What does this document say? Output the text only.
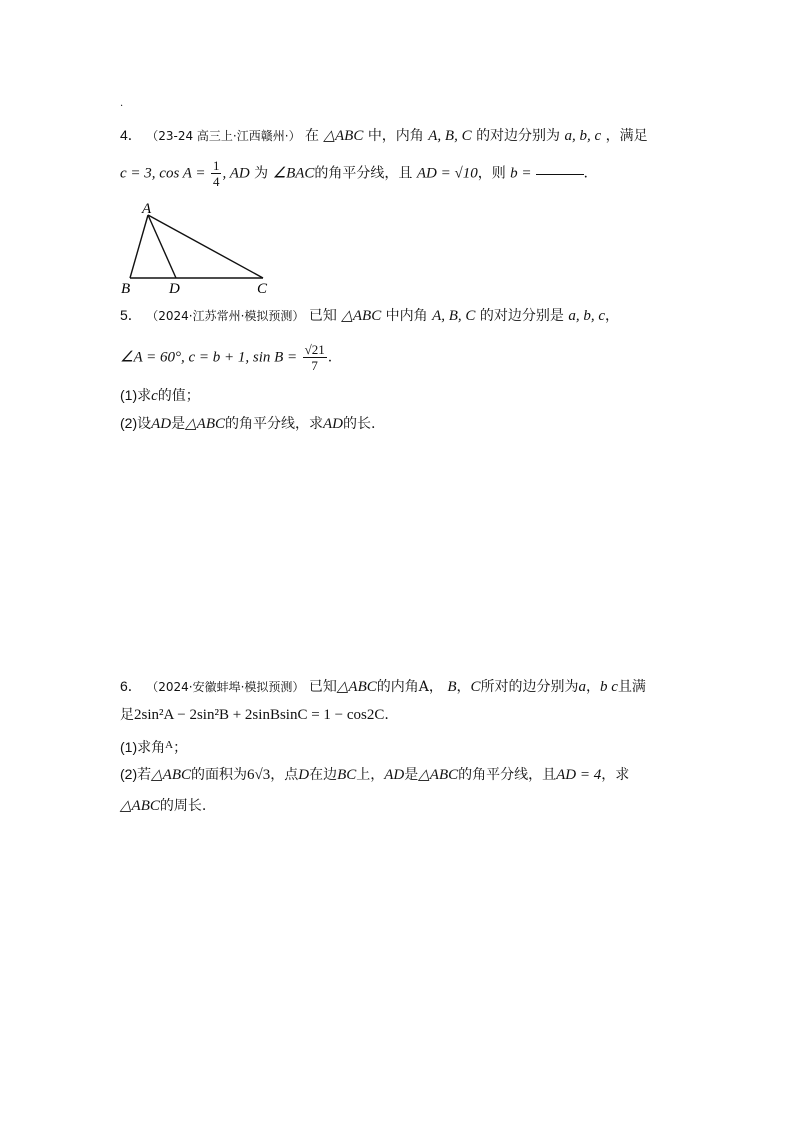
.
4． （23-24 高三上·江西赣州·） 在 △ABC 中，内角 A, B, C 的对边分别为 a, b, c ，满足
c = 3, $\cos A = \frac{1}{4}$ , AD 为 ∠BAC的角平分线，且 AD = √10，则 b =	.
A
B	D	C
5． （2024·江苏常州·模拟预测） 已知 △ABC 中内角 A, B, C 的对边分别是 a, b, c，
∠A = 60°, c = b + 1, $\sin B = \frac{√21}{7}$ .
(1)求c的值；
(2)设AD是△ABC的角平分线，求AD的长.
6． （2024·安徽蚌埠·模拟预测） 已知△ABC的内角A， B，C所对的边分别为a，b c且满
足2sin²A − 2sin²B + 2sinBsinC = 1 − cos2C.
(1)求角$^A$；
(2)若△ABC的面积为6√3，点D在边BC上，AD是△ABC的角平分线，且AD = 4，求
△ABC的周长.
